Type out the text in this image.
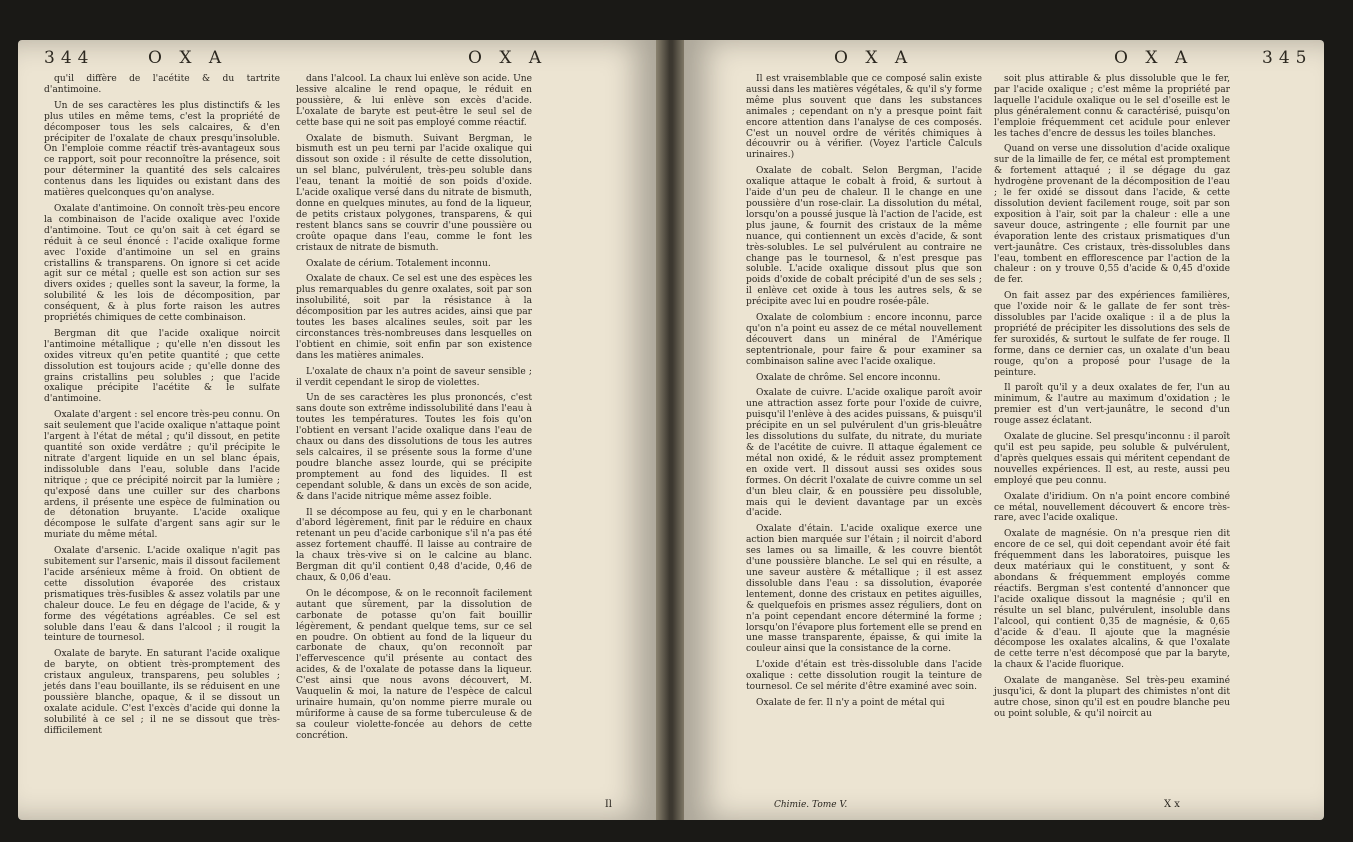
344	O X A	O X A

qu'il diffère de l'acétite & du tartrite d'antimoine.

Un de ses caractères les plus distinctifs & les plus utiles en même tems, c'est la propriété de décomposer tous les sels calcaires, & d'en précipiter de l'oxalate de chaux presqu'insoluble. On l'emploie comme réactif très-avantageux sous ce rapport, soit pour reconnoître la présence, soit pour déterminer la quantité des sels calcaires contenus dans les liquides ou existant dans des matières quelconques qu'on analyse.

Oxalate d'antimoine. On connoît très-peu encore la combinaison de l'acide oxalique avec l'oxide d'antimoine. Tout ce qu'on sait à cet égard se réduit à ce seul énoncé : l'acide oxalique forme avec l'oxide d'antimoine un sel en grains cristallins & transparens. On ignore si cet acide agit sur ce métal ; quelle est son action sur ses divers oxides ; quelles sont la saveur, la forme, la solubilité & les lois de décomposition, par conséquent, & à plus forte raison les autres propriétés chimiques de cette combinaison.

Bergman dit que l'acide oxalique noircit l'antimoine métallique ; qu'elle n'en dissout les oxides vitreux qu'en petite quantité ; que cette dissolution est toujours acide ; qu'elle donne des grains cristallins peu solubles ; que l'acide oxalique précipite l'acétite & le sulfate d'antimoine.

Oxalate d'argent : sel encore très-peu connu. On sait seulement que l'acide oxalique n'attaque point l'argent à l'état de métal ; qu'il dissout, en petite quantité son oxide verdâtre ; qu'il précipite le nitrate d'argent liquide en un sel blanc épais, indissoluble dans l'eau, soluble dans l'acide nitrique ; que ce précipité noircit par la lumière ; qu'exposé dans une cuiller sur des charbons ardens, il présente une espèce de fulmination ou de détonation bruyante. L'acide oxalique décompose le sulfate d'argent sans agir sur le muriate du même métal.

Oxalate d'arsenic. L'acide oxalique n'agit pas subitement sur l'arsenic, mais il dissout facilement l'acide arsénieux même à froid. On obtient de cette dissolution évaporée des cristaux prismatiques très-fusibles & assez volatils par une chaleur douce. Le feu en dégage de l'acide, & y forme des végétations agréables. Ce sel est soluble dans l'eau & dans l'alcool ; il rougit la teinture de tournesol.

Oxalate de baryte. En saturant l'acide oxalique de baryte, on obtient très-promptement des cristaux anguleux, transparens, peu solubles ; jetés dans l'eau bouillante, ils se réduisent en une poussière blanche, opaque, & il se dissout un oxalate acidule. C'est l'excès d'acide qui donne la solubilité à ce sel ; il ne se dissout que très-difficilement

dans l'alcool. La chaux lui enlève son acide. Une lessive alcaline le rend opaque, le réduit en poussière, & lui enlève son excès d'acide. L'oxalate de baryte est peut-être le seul sel de cette base qui ne soit pas employé comme réactif.

Oxalate de bismuth. Suivant Bergman, le bismuth est un peu terni par l'acide oxalique qui dissout son oxide : il résulte de cette dissolution, un sel blanc, pulvérulent, très-peu soluble dans l'eau, tenant la moitié de son poids d'oxide. L'acide oxalique versé dans du nitrate de bismuth, donne en quelques minutes, au fond de la liqueur, de petits cristaux polygones, transparens, & qui restent blancs sans se couvrir d'une poussière ou croûte opaque dans l'eau, comme le font les cristaux de nitrate de bismuth.

Oxalate de cérium. Totalement inconnu.

Oxalate de chaux. Ce sel est une des espèces les plus remarquables du genre oxalates, soit par son insolubilité, soit par la résistance à la décomposition par les autres acides, ainsi que par toutes les bases alcalines seules, soit par les circonstances très-nombreuses dans lesquelles on l'obtient en chimie, soit enfin par son existence dans les matières animales.

L'oxalate de chaux n'a point de saveur sensible ; il verdit cependant le sirop de violettes.

Un de ses caractères les plus prononcés, c'est sans doute son extrême indissolubilité dans l'eau à toutes les températures. Toutes les fois qu'on l'obtient en versant l'acide oxalique dans l'eau de chaux ou dans des dissolutions de tous les autres sels calcaires, il se présente sous la forme d'une poudre blanche assez lourde, qui se précipite promptement au fond des liquides. Il est cependant soluble, & dans un excès de son acide, & dans l'acide nitrique même assez foible.

Il se décompose au feu, qui y en le charbonant d'abord légèrement, finit par le réduire en chaux retenant un peu d'acide carbonique s'il n'a pas été assez fortement chauffé. Il laisse au contraire de la chaux très-vive si on le calcine au blanc. Bergman dit qu'il contient 0,48 d'acide, 0,46 de chaux, & 0,06 d'eau.

On le décompose, & on le reconnoît facilement autant que sûrement, par la dissolution de carbonate de potasse qu'on fait bouillir légèrement, & pendant quelque tems, sur ce sel en poudre. On obtient au fond de la liqueur du carbonate de chaux, qu'on reconnoît par l'effervescence qu'il présente au contact des acides, & de l'oxalate de potasse dans la liqueur. C'est ainsi que nous avons découvert, M. Vauquelin & moi, la nature de l'espèce de calcul urinaire humain, qu'on nomme pierre murale ou mûriforme à cause de sa forme tuberculeuse & de sa couleur violette-foncée au dehors de cette concrétion.

Il
O X A	O X A	345

Il est vraisemblable que ce composé salin existe aussi dans les matières végétales, & qu'il s'y forme même plus souvent que dans les substances animales ; cependant on n'y a presque point fait encore attention dans l'analyse de ces composés. C'est un nouvel ordre de vérités chimiques à découvrir ou à vérifier. (Voyez l'article Calculs urinaires.)

Oxalate de cobalt. Selon Bergman, l'acide oxalique attaque le cobalt à froid, & surtout à l'aide d'un peu de chaleur. Il le change en une poussière d'un rose-clair. La dissolution du métal, lorsqu'on a poussé jusque là l'action de l'acide, est plus jaune, & fournit des cristaux de la même nuance, qui contiennent un excès d'acide, & sont très-solubles. Le sel pulvérulent au contraire ne change pas le tournesol, & n'est presque pas soluble. L'acide oxalique dissout plus que son poids d'oxide de cobalt précipité d'un de ses sels ; il enlève cet oxide à tous les autres sels, & se précipite avec lui en poudre rosée-pâle.

Oxalate de colombium : encore inconnu, parce qu'on n'a point eu assez de ce métal nouvellement découvert dans un minéral de l'Amérique septentrionale, pour faire & pour examiner sa combinaison saline avec l'acide oxalique.

Oxalate de chrôme. Sel encore inconnu.

Oxalate de cuivre. L'acide oxalique paroît avoir une attraction assez forte pour l'oxide de cuivre, puisqu'il l'enlève à des acides puissans, & puisqu'il précipite en un sel pulvérulent d'un gris-bleuâtre les dissolutions du sulfate, du nitrate, du muriate & de l'acétite de cuivre. Il attaque également ce métal non oxidé, & le réduit assez promptement en oxide vert. Il dissout aussi ses oxides sous formes. On décrit l'oxalate de cuivre comme un sel d'un bleu clair, & en poussière peu dissoluble, mais qui le devient davantage par un excès d'acide.

Oxalate d'étain. L'acide oxalique exerce une action bien marquée sur l'étain ; il noircit d'abord ses lames ou sa limaille, & les couvre bientôt d'une poussière blanche. Le sel qui en résulte, a une saveur austère & métallique ; il est assez dissoluble dans l'eau : sa dissolution, évaporée lentement, donne des cristaux en petites aiguilles, & quelquefois en prismes assez réguliers, dont on n'a point cependant encore déterminé la forme ; lorsqu'on l'évapore plus fortement elle se prend en une masse transparente, épaisse, & qui imite la couleur ainsi que la consistance de la corne.

L'oxide d'étain est très-dissoluble dans l'acide oxalique : cette dissolution rougit la teinture de tournesol. Ce sel mérite d'être examiné avec soin.

Oxalate de fer. Il n'y a point de métal qui

soit plus attirable & plus dissoluble que le fer, par l'acide oxalique ; c'est même la propriété par laquelle l'acidule oxalique ou le sel d'oseille est le plus généralement connu & caractérisé, puisqu'on l'emploie fréquemment cet acidule pour enlever les taches d'encre de dessus les toiles blanches.

Quand on verse une dissolution d'acide oxalique sur de la limaille de fer, ce métal est promptement & fortement attaqué ; il se dégage du gaz hydrogène provenant de la décomposition de l'eau ; le fer oxidé se dissout dans l'acide, & cette dissolution devient facilement rouge, soit par son exposition à l'air, soit par la chaleur : elle a une saveur douce, astringente ; elle fournit par une évaporation lente des cristaux prismatiques d'un vert-jaunâtre. Ces cristaux, très-dissolubles dans l'eau, tombent en efflorescence par l'action de la chaleur : on y trouve 0,55 d'acide & 0,45 d'oxide de fer.

On fait assez par des expériences familières, que l'oxide noir & le gallate de fer sont très-dissolubles par l'acide oxalique : il a de plus la propriété de précipiter les dissolutions des sels de fer suroxidés, & surtout le sulfate de fer rouge. Il forme, dans ce dernier cas, un oxalate d'un beau rouge, qu'on a proposé pour l'usage de la peinture.

Il paroît qu'il y a deux oxalates de fer, l'un au minimum, & l'autre au maximum d'oxidation ; le premier est d'un vert-jaunâtre, le second d'un rouge assez éclatant.

Oxalate de glucine. Sel presqu'inconnu : il paroît qu'il est peu sapide, peu soluble & pulvérulent, d'après quelques essais qui méritent cependant de nouvelles expériences. Il est, au reste, aussi peu employé que peu connu.

Oxalate d'iridium. On n'a point encore combiné ce métal, nouvellement découvert & encore très-rare, avec l'acide oxalique.

Oxalate de magnésie. On n'a presque rien dit encore de ce sel, qui doit cependant avoir été fait fréquemment dans les laboratoires, puisque les deux matériaux qui le constituent, y sont & abondans & fréquemment employés comme réactifs. Bergman s'est contenté d'annoncer que l'acide oxalique dissout la magnésie ; qu'il en résulte un sel blanc, pulvérulent, insoluble dans l'alcool, qui contient 0,35 de magnésie, & 0,65 d'acide & d'eau. Il ajoute que la magnésie décompose les oxalates alcalins, & que l'oxalate de cette terre n'est décomposé que par la baryte, la chaux & l'acide fluorique.

Oxalate de manganèse. Sel très-peu examiné jusqu'ici, & dont la plupart des chimistes n'ont dit autre chose, sinon qu'il est en poudre blanche peu ou point soluble, & qu'il noircit au

Chimie. Tome V.	X x
